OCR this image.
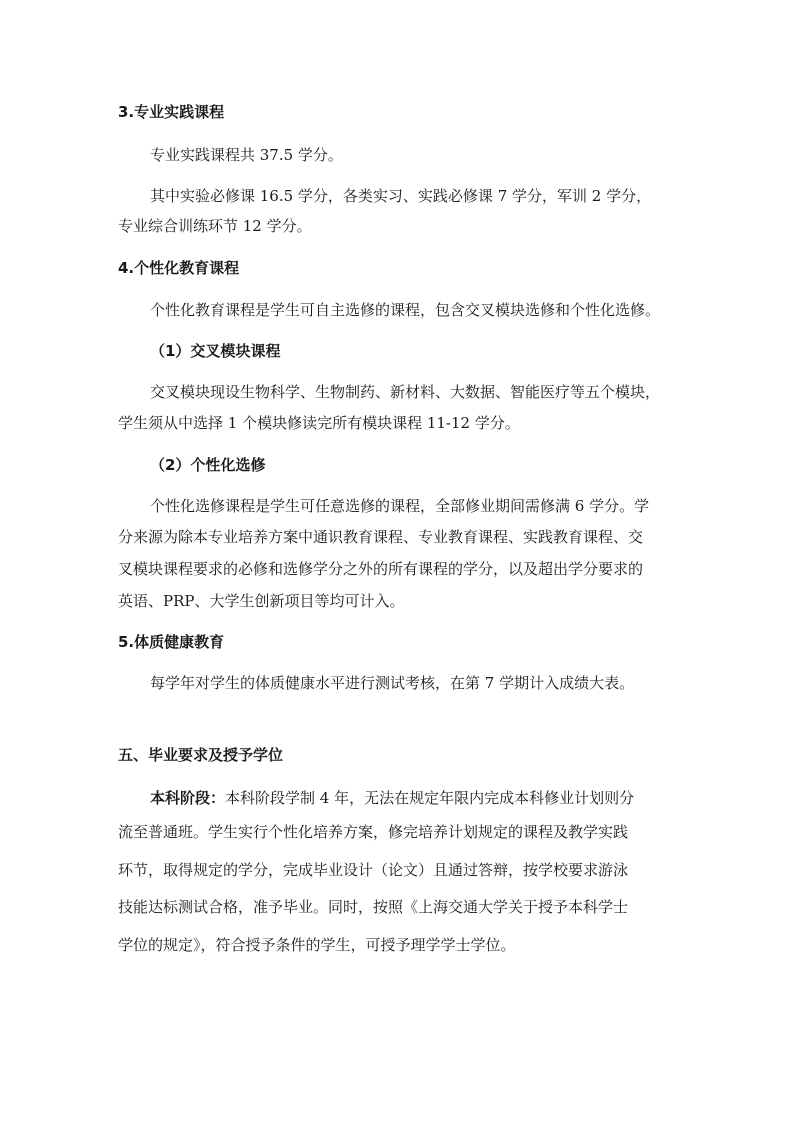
3.专业实践课程
专业实践课程共 37.5 学分。
其中实验必修课 16.5 学分，各类实习、实践必修课 7 学分，军训 2 学分，
专业综合训练环节 12 学分。
4.个性化教育课程
个性化教育课程是学生可自主选修的课程，包含交叉模块选修和个性化选修。
（1）交叉模块课程
交叉模块现设生物科学、生物制药、新材料、大数据、智能医疗等五个模块，
学生须从中选择 1 个模块修读完所有模块课程 11-12 学分。
（2）个性化选修
个性化选修课程是学生可任意选修的课程，全部修业期间需修满 6 学分。学
分来源为除本专业培养方案中通识教育课程、专业教育课程、实践教育课程、交
叉模块课程要求的必修和选修学分之外的所有课程的学分，以及超出学分要求的
英语、PRP、大学生创新项目等均可计入。
5.体质健康教育
每学年对学生的体质健康水平进行测试考核，在第 7 学期计入成绩大表。
五、毕业要求及授予学位
本科阶段：本科阶段学制 4 年，无法在规定年限内完成本科修业计划则分
流至普通班。学生实行个性化培养方案，修完培养计划规定的课程及教学实践
环节，取得规定的学分，完成毕业设计（论文）且通过答辩，按学校要求游泳
技能达标测试合格，准予毕业。同时，按照《上海交通大学关于授予本科学士
学位的规定》，符合授予条件的学生，可授予理学学士学位。
